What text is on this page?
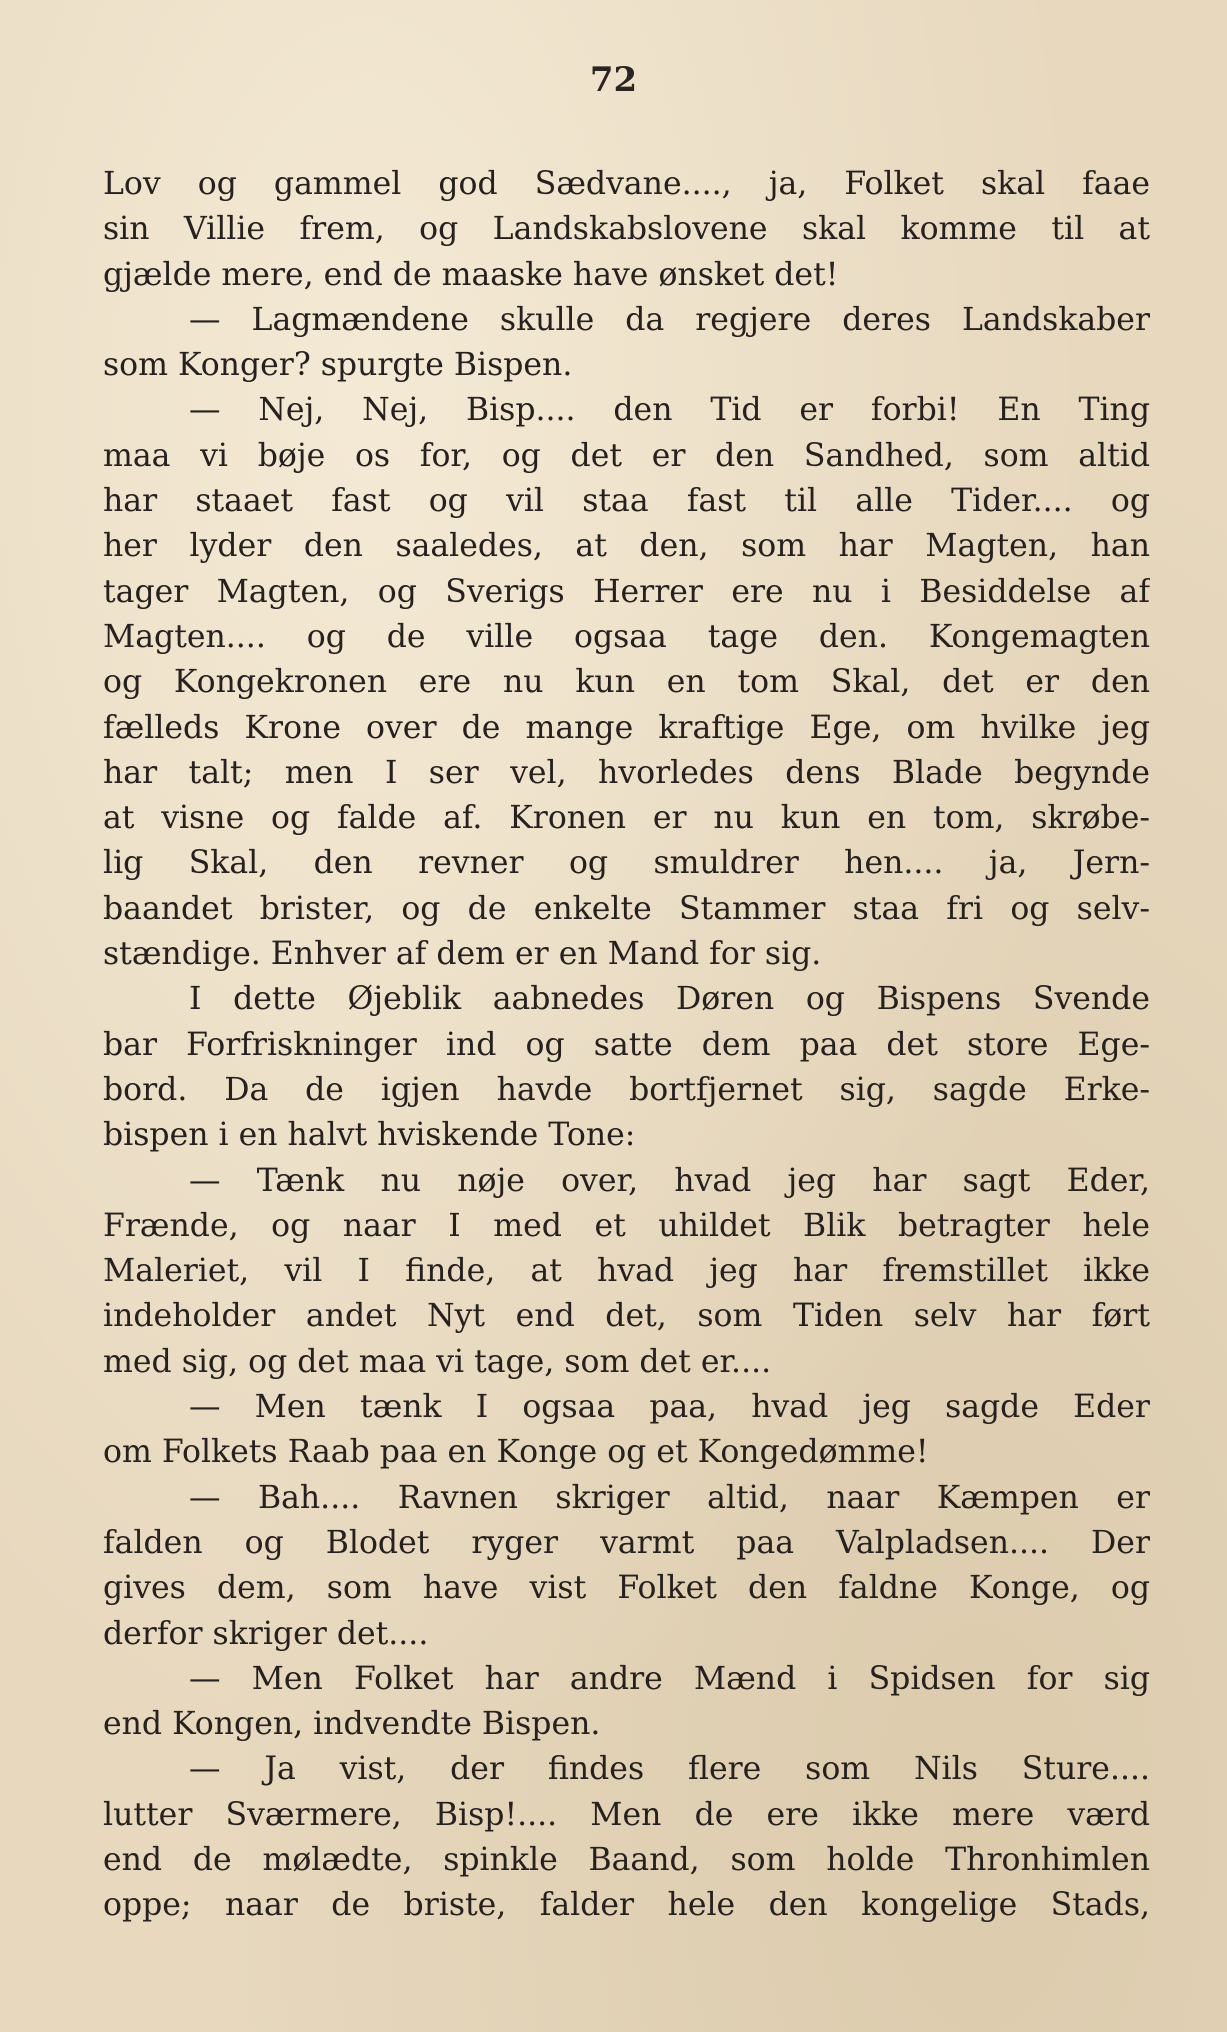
72
Lov og gammel god Sædvane...., ja, Folket skal faae
sin Villie frem, og Landskabslovene skal komme til at
gjælde mere, end de maaske have ønsket det!
— Lagmændene skulle da regjere deres Landskaber
som Konger? spurgte Bispen.
— Nej, Nej, Bisp.... den Tid er forbi! En Ting
maa vi bøje os for, og det er den Sandhed, som altid
har staaet fast og vil staa fast til alle Tider.... og
her lyder den saaledes, at den, som har Magten, han
tager Magten, og Sverigs Herrer ere nu i Besiddelse af
Magten.... og de ville ogsaa tage den. Kongemagten
og Kongekronen ere nu kun en tom Skal, det er den
fælleds Krone over de mange kraftige Ege, om hvilke jeg
har talt; men I ser vel, hvorledes dens Blade begynde
at visne og falde af. Kronen er nu kun en tom, skrøbe-
lig Skal, den revner og smuldrer hen.... ja, Jern-
baandet brister, og de enkelte Stammer staa fri og selv-
stændige. Enhver af dem er en Mand for sig.
I dette Øjeblik aabnedes Døren og Bispens Svende
bar Forfriskninger ind og satte dem paa det store Ege-
bord. Da de igjen havde bortfjernet sig, sagde Erke-
bispen i en halvt hviskende Tone:
— Tænk nu nøje over, hvad jeg har sagt Eder,
Frænde, og naar I med et uhildet Blik betragter hele
Maleriet, vil I finde, at hvad jeg har fremstillet ikke
indeholder andet Nyt end det, som Tiden selv har ført
med sig, og det maa vi tage, som det er....
— Men tænk I ogsaa paa, hvad jeg sagde Eder
om Folkets Raab paa en Konge og et Kongedømme!
— Bah.... Ravnen skriger altid, naar Kæmpen er
falden og Blodet ryger varmt paa Valpladsen.... Der
gives dem, som have vist Folket den faldne Konge, og
derfor skriger det....
— Men Folket har andre Mænd i Spidsen for sig
end Kongen, indvendte Bispen.
— Ja vist, der findes flere som Nils Sture....
lutter Sværmere, Bisp!.... Men de ere ikke mere værd
end de mølædte, spinkle Baand, som holde Thronhimlen
oppe; naar de briste, falder hele den kongelige Stads,
